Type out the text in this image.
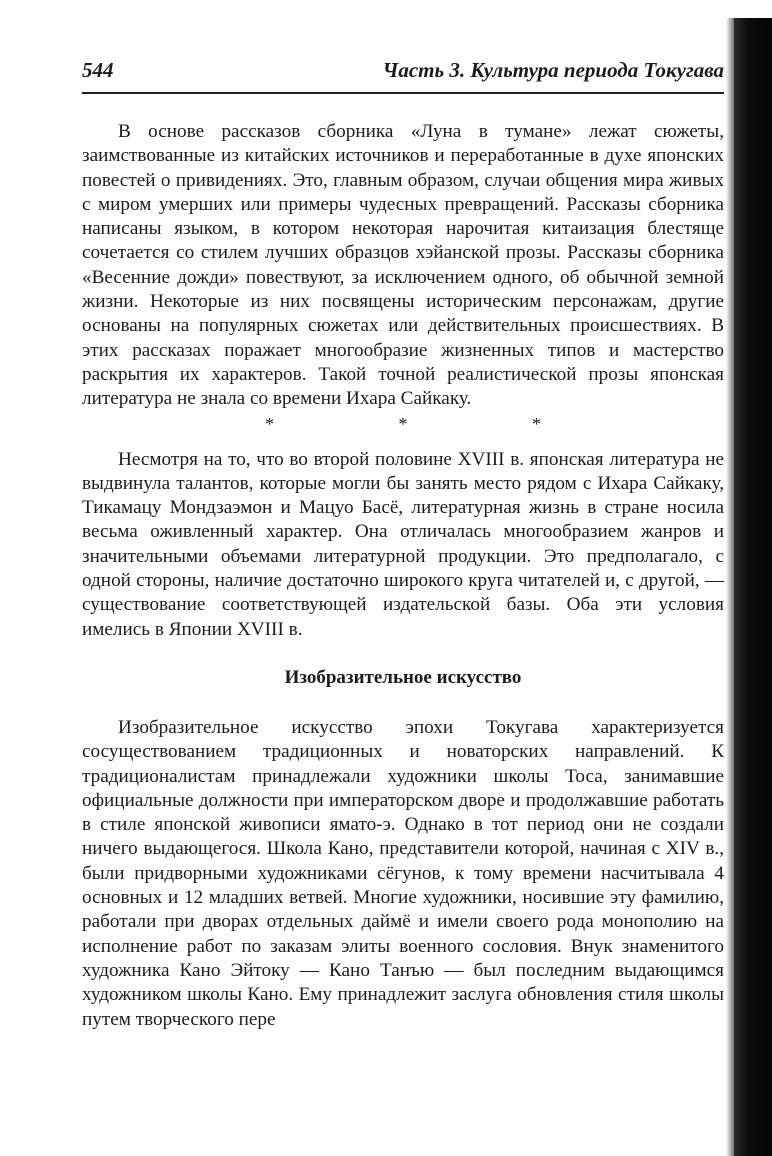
544	Часть 3. Культура периода Токугава

В основе рассказов сборника «Луна в тумане» лежат сюжеты, заимствованные из китайских источников и переработанные в духе японских повестей о привидениях. Это, главным образом, случаи общения мира живых с миром умерших или примеры чудесных превращений. Рассказы сборника написаны языком, в котором некоторая нарочитая китаизация блестяще сочетается со стилем лучших образцов хэйанской прозы. Рассказы сборника «Весенние дожди» повествуют, за исключением одного, об обычной земной жизни. Некоторые из них посвящены историческим персонажам, другие основаны на популярных сюжетах или действительных происшествиях. В этих рассказах поражает многообразие жизненных типов и мастерство раскрытия их характеров. Такой точной реалистической прозы японская литература не знала со времени Ихара Сайкаку.

*	*	*

Несмотря на то, что во второй половине XVIII в. японская литература не выдвинула талантов, которые могли бы занять место рядом с Ихара Сайкаку, Тикамацу Мондзаэмон и Мацуо Басё, литературная жизнь в стране носила весьма оживленный характер. Она отличалась многообразием жанров и значительными объемами литературной продукции. Это предполагало, с одной стороны, наличие достаточно широкого круга читателей и, с другой, — существование соответствующей издательской базы. Оба эти условия имелись в Японии XVIII в.

Изобразительное искусство

Изобразительное искусство эпохи Токугава характеризуется сосуществованием традиционных и новаторских направлений. К традиционалистам принадлежали художники школы Тоса, занимавшие официальные должности при императорском дворе и продолжавшие работать в стиле японской живописи ямато-э. Однако в тот период они не создали ничего выдающегося. Школа Кано, представители которой, начиная с XIV в., были придворными художниками сёгунов, к тому времени насчитывала 4 основных и 12 младших ветвей. Многие художники, носившие эту фамилию, работали при дворах отдельных даймё и имели своего рода монополию на исполнение работ по заказам элиты военного сословия. Внук знаменитого художника Кано Эйтоку — Кано Танъю — был последним выдающимся художником школы Кано. Ему принадлежит заслуга обновления стиля школы путем творческого пере
